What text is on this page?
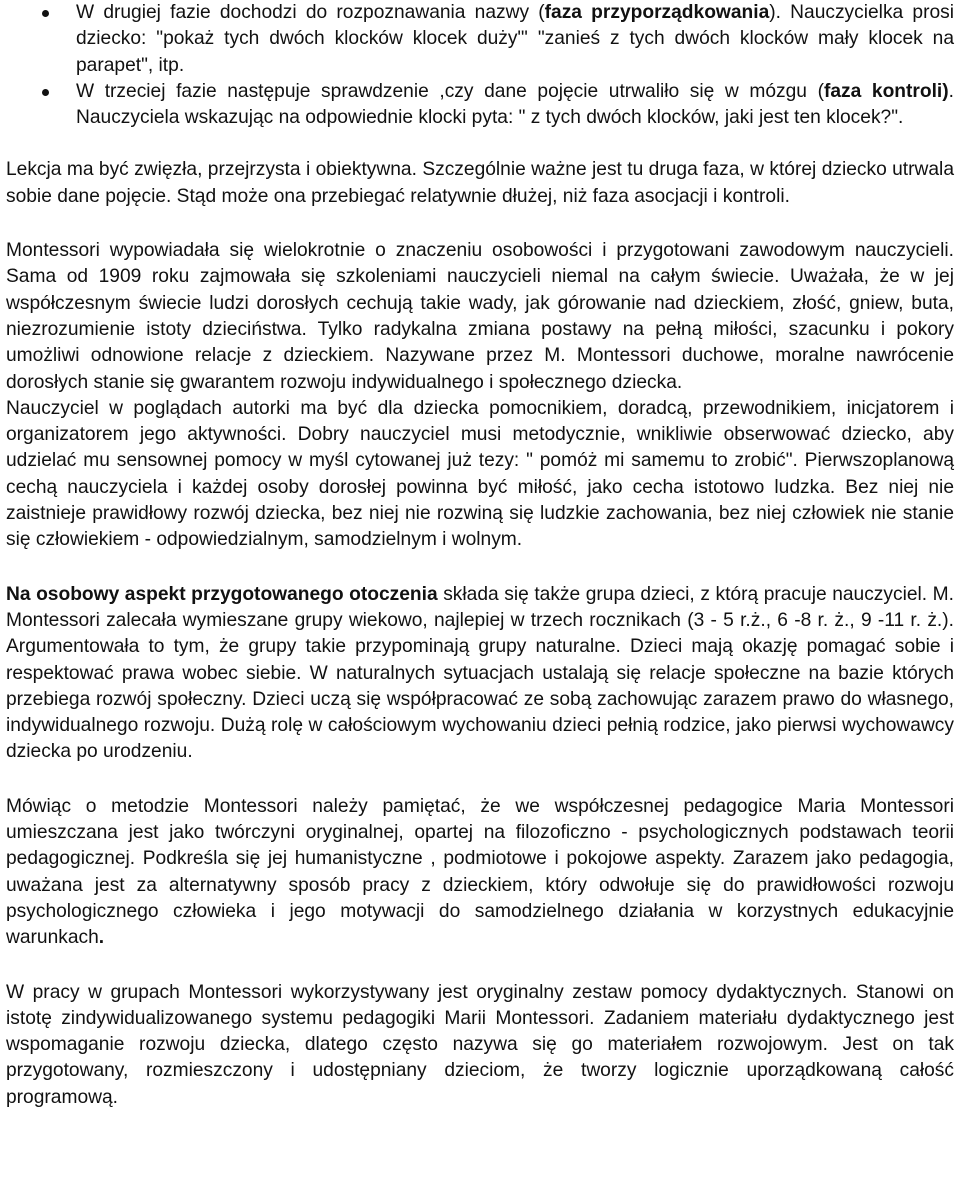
W drugiej fazie dochodzi do rozpoznawania nazwy (faza przyporządkowania). Nauczycielka prosi dziecko: "pokaż tych dwóch klocków klocek duży"' "zanieś z tych dwóch klocków mały klocek na parapet", itp.
W trzeciej fazie następuje sprawdzenie ,czy dane pojęcie utrwaliło się w mózgu (faza kontroli). Nauczyciela wskazując na odpowiednie klocki pyta: " z tych dwóch klocków, jaki jest ten klocek?".

Lekcja ma być zwięzła, przejrzysta i obiektywna. Szczególnie ważne jest tu druga faza, w której dziecko utrwala sobie dane pojęcie. Stąd może ona przebiegać relatywnie dłużej, niż faza asocjacji i kontroli.

Montessori wypowiadała się wielokrotnie o znaczeniu osobowości i przygotowani zawodowym nauczycieli. Sama od 1909 roku zajmowała się szkoleniami nauczycieli niemal na całym świecie. Uważała, że w jej współczesnym świecie ludzi dorosłych cechują takie wady, jak górowanie nad dzieckiem, złość, gniew, buta, niezrozumienie istoty dzieciństwa. Tylko radykalna zmiana postawy na pełną miłości, szacunku i pokory umożliwi odnowione relacje z dzieckiem. Nazywane przez M. Montessori duchowe, moralne nawrócenie dorosłych stanie się gwarantem rozwoju indywidualnego i społecznego dziecka.

Nauczyciel w poglądach autorki ma być dla dziecka pomocnikiem, doradcą, przewodnikiem, inicjatorem i organizatorem jego aktywności. Dobry nauczyciel musi metodycznie, wnikliwie obserwować dziecko, aby udzielać mu sensownej pomocy w myśl cytowanej już tezy: " pomóż mi samemu to zrobić". Pierwszoplanową cechą nauczyciela i każdej osoby dorosłej powinna być miłość, jako cecha istotowo ludzka. Bez niej nie zaistnieje prawidłowy rozwój dziecka, bez niej nie rozwiną się ludzkie zachowania, bez niej człowiek nie stanie się człowiekiem - odpowiedzialnym, samodzielnym i wolnym.

Na osobowy aspekt przygotowanego otoczenia składa się także grupa dzieci, z którą pracuje nauczyciel. M. Montessori zalecała wymieszane grupy wiekowo, najlepiej w trzech rocznikach (3 - 5 r.ż., 6 -8 r. ż., 9 -11 r. ż.). Argumentowała to tym, że grupy takie przypominają grupy naturalne. Dzieci mają okazję pomagać sobie i respektować prawa wobec siebie. W naturalnych sytuacjach ustalają się relacje społeczne na bazie których przebiega rozwój społeczny. Dzieci uczą się współpracować ze sobą zachowując zarazem prawo do własnego, indywidualnego rozwoju. Dużą rolę w całościowym wychowaniu dzieci pełnią rodzice, jako pierwsi wychowawcy dziecka po urodzeniu.

Mówiąc o metodzie Montessori należy pamiętać, że we współczesnej pedagogice Maria Montessori umieszczana jest jako twórczyni oryginalnej, opartej na filozoficzno - psychologicznych podstawach teorii pedagogicznej. Podkreśla się jej humanistyczne , podmiotowe i pokojowe aspekty. Zarazem jako pedagogia, uważana jest za alternatywny sposób pracy z dzieckiem, który odwołuje się do prawidłowości rozwoju psychologicznego człowieka i jego motywacji do samodzielnego działania w korzystnych edukacyjnie warunkach.

W pracy w grupach Montessori wykorzystywany jest oryginalny zestaw pomocy dydaktycznych. Stanowi on istotę zindywidualizowanego systemu pedagogiki Marii Montessori. Zadaniem materiału dydaktycznego jest wspomaganie rozwoju dziecka, dlatego często nazywa się go materiałem rozwojowym. Jest on tak przygotowany, rozmieszczony i udostępniany dzieciom, że tworzy logicznie uporządkowaną całość programową.
